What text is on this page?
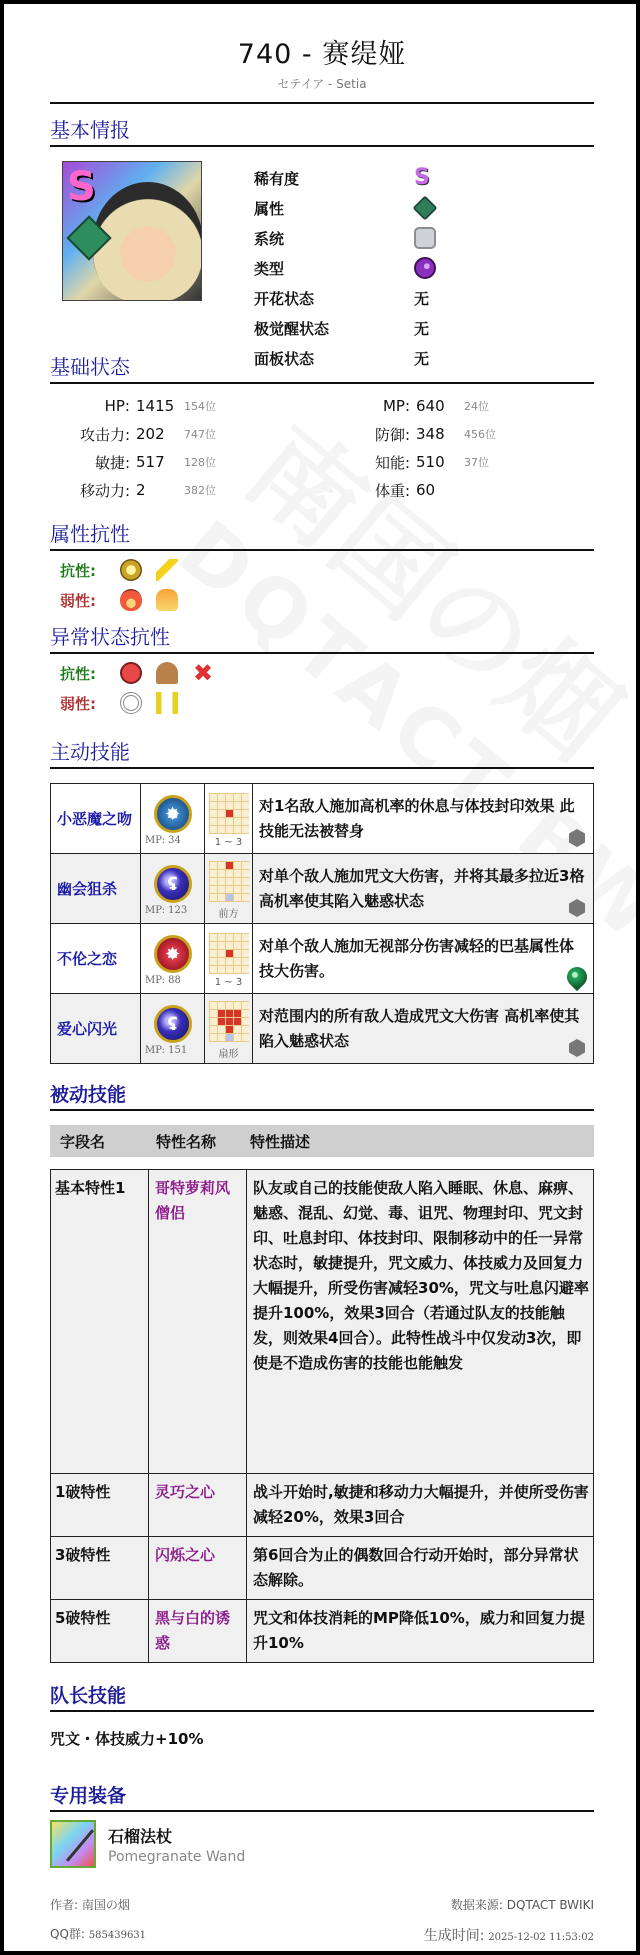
740 - 赛缇娅
セテイア - Setia
基本情报
S	稀有度	S
属性
系统
类型
开花状态	无
极觉醒状态	无
面板状态	无
基础状态
HP: 1415 154位	MP: 640	24位
攻击力: 202	747位	防御: 348	456位
敏捷: 517	128位	知能: 510	37位
移动力: 2	382位	体重: 60
属性抗性
抗性:
弱性:
异常状态抗性
抗性:	✖
弱性:
主动技能
小恶魔之吻	✸
MP: 34	1 ~ 3	对1名敌人施加高机率的休息与体技封印效果 此技能无法被替身

幽会狙杀	ʢ
MP: 123	前方	对单个敌人施加咒文大伤害，并将其最多拉近3格 高机率使其陷入魅惑状态

不伦之恋	✸
MP: 88	1 ~ 3	对单个敌人施加无视部分伤害减轻的巴基属性体技大伤害。

爱心闪光	ʢ
MP: 151	扇形	对范围内的所有敌人造成咒文大伤害 高机率使其陷入魅惑状态
被动技能
字段名	特性名称	特性描述
基本特性1	哥特萝莉风僧侣	队友或自己的技能使敌人陷入睡眠、休息、麻痹、魅惑、混乱、幻觉、毒、诅咒、物理封印、咒文封印、吐息封印、体技封印、限制移动中的任一异常状态时，敏捷提升，咒文威力、体技威力及回复力大幅提升，所受伤害减轻30%，咒文与吐息闪避率提升100%，效果3回合（若通过队友的技能触发，则效果4回合）。此特性战斗中仅发动3次，即使是不造成伤害的技能也能触发
1破特性	灵巧之心	战斗开始时,敏捷和移动力大幅提升，并使所受伤害减轻20%，效果3回合
3破特性	闪烁之心	第6回合为止的偶数回合行动开始时，部分异常状态解除。
5破特性	黑与白的诱惑	咒文和体技消耗的MP降低10%，威力和回复力提升10%
队长技能
咒文・体技威力+10%
专用装备
石榴法杖
Pomegranate Wand
作者: 南国の烟	数据来源: DQTACT BWIKI
QQ群: 585439631	生成时间: 2025-12-02 11:53:02
